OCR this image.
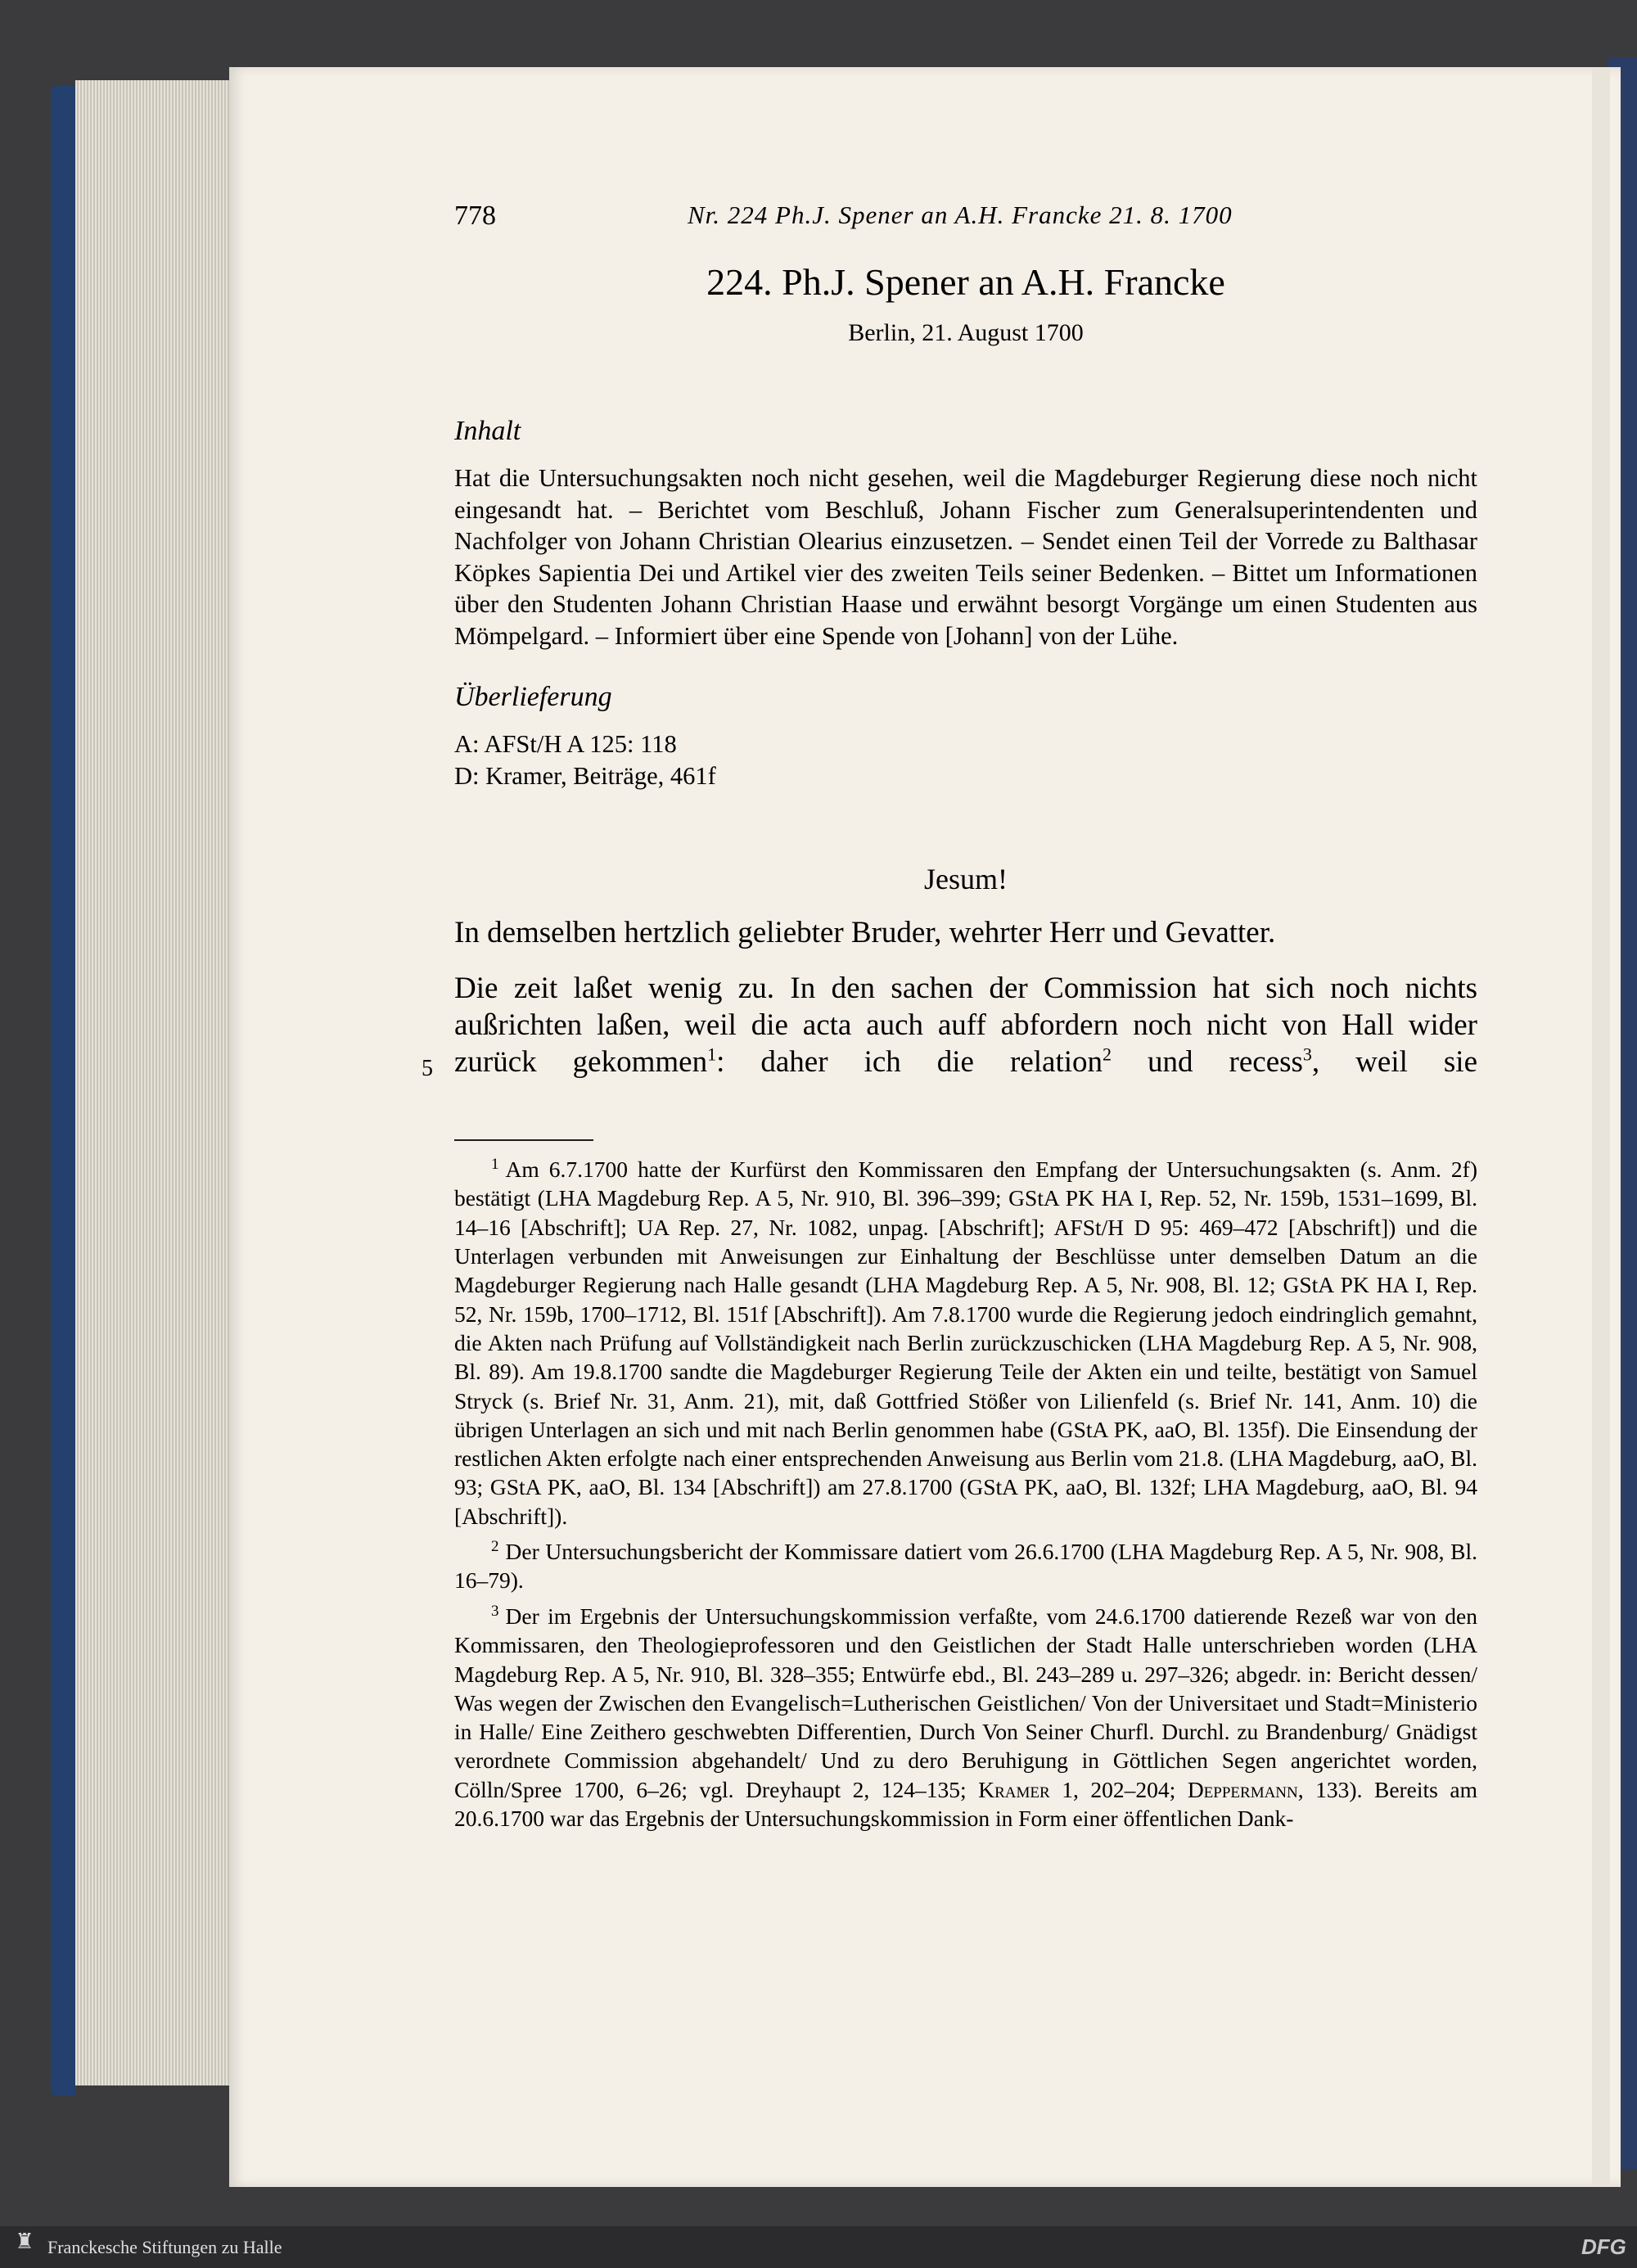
778	Nr. 224 Ph.J. Spener an A.H. Francke 21. 8. 1700
224. Ph.J. Spener an A.H. Francke
Berlin, 21. August 1700
Inhalt
Hat die Untersuchungsakten noch nicht gesehen, weil die Magdeburger Regierung diese noch nicht eingesandt hat. – Berichtet vom Beschluß, Johann Fischer zum Generalsuperintendenten und Nachfolger von Johann Christian Olearius einzusetzen. – Sendet einen Teil der Vorrede zu Balthasar Köpkes Sapientia Dei und Artikel vier des zweiten Teils seiner Bedenken. – Bittet um Informationen über den Studenten Johann Christian Haase und erwähnt besorgt Vorgänge um einen Studenten aus Mömpelgard. – Informiert über eine Spende von [Johann] von der Lühe.
Überlieferung
A: AFSt/H A 125: 118
D: Kramer, Beiträge, 461f
Jesum!
In demselben hertzlich geliebter Bruder, wehrter Herr und Gevatter.
Die zeit laßet wenig zu. In den sachen der Commission hat sich noch nichts außrichten laßen, weil die acta auch auff abfordern noch nicht von Hall wider zurück gekommen$^1$: daher ich die relation$^2$ und recess$^3$, weil sie
5

$^1$ Am 6.7.1700 hatte der Kurfürst den Kommissaren den Empfang der Untersuchungsakten (s. Anm. 2f) bestätigt (LHA Magdeburg Rep. A 5, Nr. 910, Bl. 396–399; GStA PK HA I, Rep. 52, Nr. 159b, 1531–1699, Bl. 14–16 [Abschrift]; UA Rep. 27, Nr. 1082, unpag. [Abschrift]; AFSt/H D 95: 469–472 [Abschrift]) und die Unterlagen verbunden mit Anweisungen zur Einhaltung der Beschlüsse unter demselben Datum an die Magdeburger Regierung nach Halle gesandt (LHA Magdeburg Rep. A 5, Nr. 908, Bl. 12; GStA PK HA I, Rep. 52, Nr. 159b, 1700–1712, Bl. 151f [Abschrift]). Am 7.8.1700 wurde die Regierung jedoch eindringlich gemahnt, die Akten nach Prüfung auf Vollständigkeit nach Berlin zurückzuschicken (LHA Magdeburg Rep. A 5, Nr. 908, Bl. 89). Am 19.8.1700 sandte die Magdeburger Regierung Teile der Akten ein und teilte, bestätigt von Samuel Stryck (s. Brief Nr. 31, Anm. 21), mit, daß Gottfried Stößer von Lilienfeld (s. Brief Nr. 141, Anm. 10) die übrigen Unterlagen an sich und mit nach Berlin genommen habe (GStA PK, aaO, Bl. 135f). Die Einsendung der restlichen Akten erfolgte nach einer entsprechenden Anweisung aus Berlin vom 21.8. (LHA Magdeburg, aaO, Bl. 93; GStA PK, aaO, Bl. 134 [Abschrift]) am 27.8.1700 (GStA PK, aaO, Bl. 132f; LHA Magdeburg, aaO, Bl. 94 [Abschrift]).

$^2$ Der Untersuchungsbericht der Kommissare datiert vom 26.6.1700 (LHA Magdeburg Rep. A 5, Nr. 908, Bl. 16–79).

$^3$ Der im Ergebnis der Untersuchungskommission verfaßte, vom 24.6.1700 datierende Rezeß war von den Kommissaren, den Theologieprofessoren und den Geistlichen der Stadt Halle unterschrieben worden (LHA Magdeburg Rep. A 5, Nr. 910, Bl. 328–355; Entwürfe ebd., Bl. 243–289 u. 297–326; abgedr. in: Bericht dessen/ Was wegen der Zwischen den Evangelisch=Lutherischen Geistlichen/ Von der Universitaet und Stadt=Ministerio in Halle/ Eine Zeithero geschwebten Differentien, Durch Von Seiner Churfl. Durchl. zu Brandenburg/ Gnädigst verordnete Commission abgehandelt/ Und zu dero Beruhigung in Göttlichen Segen angerichtet worden, Cölln/Spree 1700, 6–26; vgl. Dreyhaupt 2, 124–135; Kramer 1, 202–204; Deppermann, 133). Bereits am 20.6.1700 war das Ergebnis der Untersuchungskommission in Form einer öffentlichen Dank-

♜ Franckesche Stiftungen zu Halle	DFG
